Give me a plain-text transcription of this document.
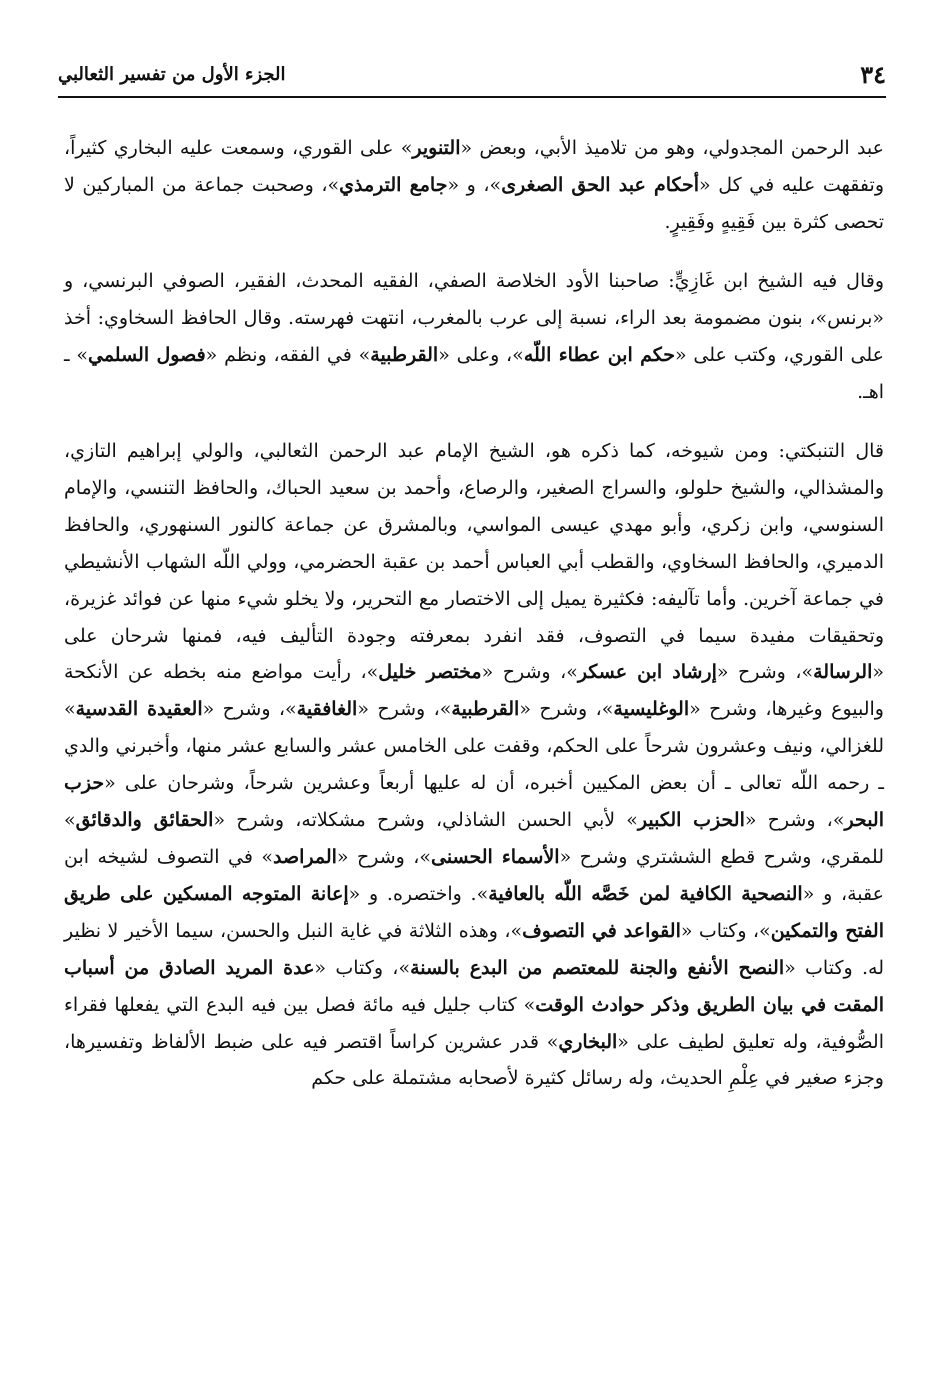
٣٤
الجزء الأول من تفسير الثعالبي

عبد الرحمن المجدولي، وهو من تلاميذ الأبي، وبعض «التنوير» على القوري، وسمعت عليه البخاري كثيراً، وتفقهت عليه في كل «أحكام عبد الحق الصغرى»، و «جامع الترمذي»، وصحبت جماعة من المباركين لا تحصى كثرة بين فَقِيهٍ وفَقِيرٍ.

وقال فيه الشيخ ابن غَازِيٍّ: صاحبنا الأود الخلاصة الصفي، الفقيه المحدث، الفقير، الصوفي البرنسي، و «برنس»، بنون مضمومة بعد الراء، نسبة إلى عرب بالمغرب، انتهت فهرسته. وقال الحافظ السخاوي: أخذ على القوري، وكتب على «حكم ابن عطاء اللّه»، وعلى «القرطبية» في الفقه، ونظم «فصول السلمي» ـ اهـ.

قال التنبكتي: ومن شيوخه، كما ذكره هو، الشيخ الإمام عبد الرحمن الثعالبي، والولي إبراهيم التازي، والمشذالي، والشيخ حلولو، والسراج الصغير، والرصاع، وأحمد بن سعيد الحباك، والحافظ التنسي، والإمام السنوسي، وابن زكري، وأبو مهدي عيسى المواسي، وبالمشرق عن جماعة كالنور السنهوري، والحافظ الدميري، والحافظ السخاوي، والقطب أبي العباس أحمد بن عقبة الحضرمي، وولي اللّه الشهاب الأنشيطي في جماعة آخرين. وأما تآليفه: فكثيرة يميل إلى الاختصار مع التحرير، ولا يخلو شيء منها عن فوائد غزيرة، وتحقيقات مفيدة سيما في التصوف، فقد انفرد بمعرفته وجودة التأليف فيه، فمنها شرحان على «الرسالة»، وشرح «إرشاد ابن عسكر»، وشرح «مختصر خليل»، رأيت مواضع منه بخطه عن الأنكحة والبيوع وغيرها، وشرح «الوغليسية»، وشرح «القرطبية»، وشرح «الغافقية»، وشرح «العقيدة القدسية» للغزالي، ونيف وعشرون شرحاً على الحكم، وقفت على الخامس عشر والسابع عشر منها، وأخبرني والدي ـ رحمه اللّه تعالى ـ أن بعض المكيين أخبره، أن له عليها أربعاً وعشرين شرحاً، وشرحان على «حزب البحر»، وشرح «الحزب الكبير» لأبي الحسن الشاذلي، وشرح مشكلاته، وشرح «الحقائق والدقائق» للمقري، وشرح قطع الششتري وشرح «الأسماء الحسنى»، وشرح «المراصد» في التصوف لشيخه ابن عقبة، و «النصحية الكافية لمن خَصَّه اللّه بالعافية». واختصره. و «إعانة المتوجه المسكين على طريق الفتح والتمكين»، وكتاب «القواعد في التصوف»، وهذه الثلاثة في غاية النبل والحسن، سيما الأخير لا نظير له. وكتاب «النصح الأنفع والجنة للمعتصم من البدع بالسنة»، وكتاب «عدة المريد الصادق من أسباب المقت في بيان الطريق وذكر حوادث الوقت» كتاب جليل فيه مائة فصل بين فيه البدع التي يفعلها فقراء الصُّوفية، وله تعليق لطيف على «البخاري» قدر عشرين كراساً اقتصر فيه على ضبط الألفاظ وتفسيرها، وجزء صغير في عِلْمِ الحديث، وله رسائل كثيرة لأصحابه مشتملة على حكم
